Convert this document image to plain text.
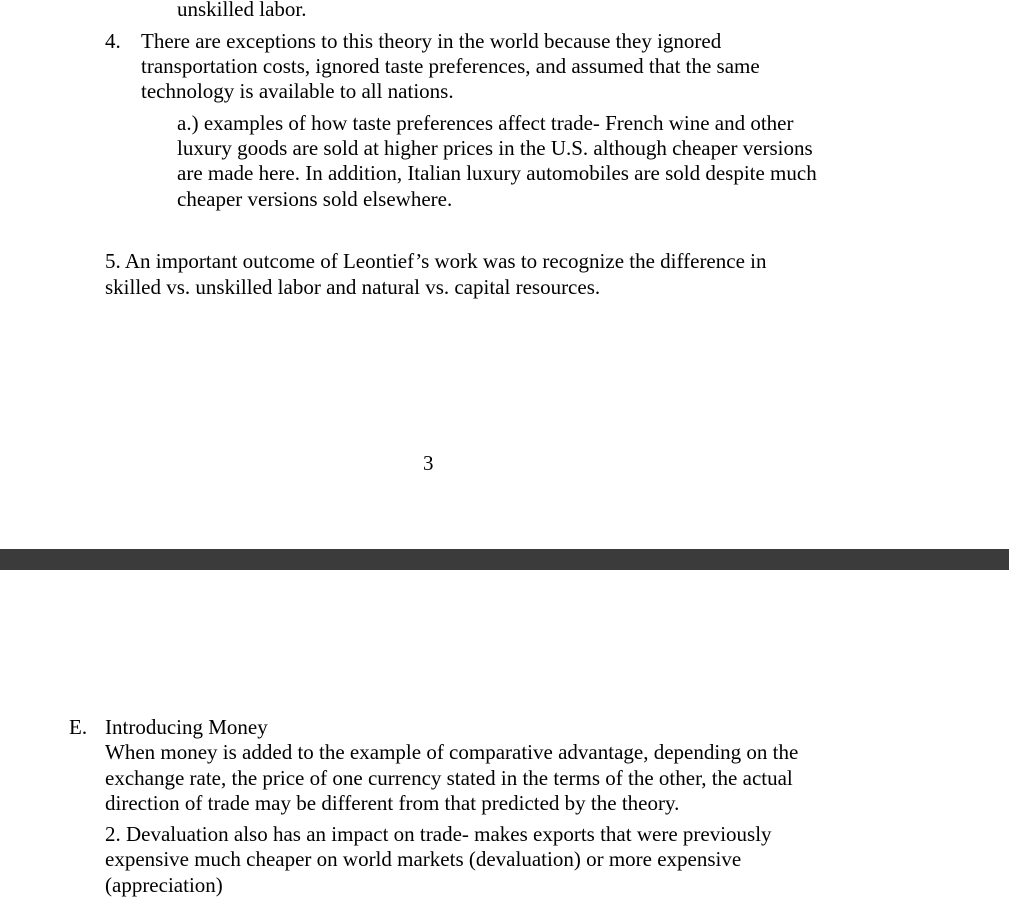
unskilled labor.
4. There are exceptions to this theory in the world because they ignored
transportation costs, ignored taste preferences, and assumed that the same
technology is available to all nations.
a.) examples of how taste preferences affect trade- French wine and other
luxury goods are sold at higher prices in the U.S. although cheaper versions
are made here. In addition, Italian luxury automobiles are sold despite much
cheaper versions sold elsewhere.
5. An important outcome of Leontief’s work was to recognize the difference in
skilled vs. unskilled labor and natural vs. capital resources.
3
E. Introducing Money
When money is added to the example of comparative advantage, depending on the
exchange rate, the price of one currency stated in the terms of the other, the actual
direction of trade may be different from that predicted by the theory.
2. Devaluation also has an impact on trade- makes exports that were previously
expensive much cheaper on world markets (devaluation) or more expensive
(appreciation)
